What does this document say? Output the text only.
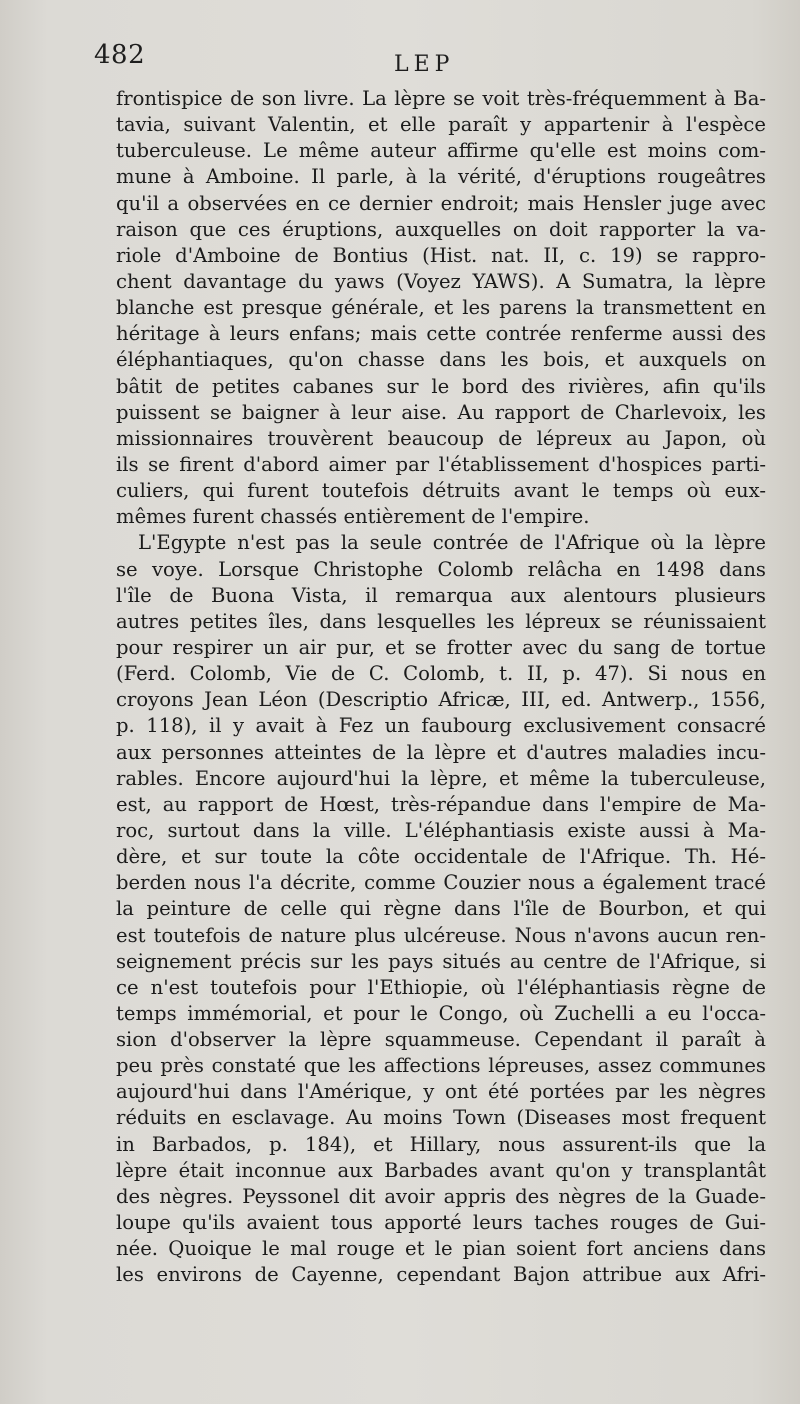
482	LEP
frontispice de son livre. La lèpre se voit très-fréquemment à Ba-
tavia, suivant Valentin, et elle paraît y appartenir à l'espèce
tuberculeuse. Le même auteur affirme qu'elle est moins com-
mune à Amboine. Il parle, à la vérité, d'éruptions rougeâtres
qu'il a observées en ce dernier endroit; mais Hensler juge avec
raison que ces éruptions, auxquelles on doit rapporter la va-
riole d'Amboine de Bontius (Hist. nat. II, c. 19) se rappro-
chent davantage du yaws (Voyez YAWS). A Sumatra, la lèpre
blanche est presque générale, et les parens la transmettent en
héritage à leurs enfans; mais cette contrée renferme aussi des
éléphantiaques, qu'on chasse dans les bois, et auxquels on
bâtit de petites cabanes sur le bord des rivières, afin qu'ils
puissent se baigner à leur aise. Au rapport de Charlevoix, les
missionnaires trouvèrent beaucoup de lépreux au Japon, où
ils se firent d'abord aimer par l'établissement d'hospices parti-
culiers, qui furent toutefois détruits avant le temps où eux-
mêmes furent chassés entièrement de l'empire.
L'Egypte n'est pas la seule contrée de l'Afrique où la lèpre
se voye. Lorsque Christophe Colomb relâcha en 1498 dans
l'île de Buona Vista, il remarqua aux alentours plusieurs
autres petites îles, dans lesquelles les lépreux se réunissaient
pour respirer un air pur, et se frotter avec du sang de tortue
(Ferd. Colomb, Vie de C. Colomb, t. II, p. 47). Si nous en
croyons Jean Léon (Descriptio Africæ, III, ed. Antwerp., 1556,
p. 118), il y avait à Fez un faubourg exclusivement consacré
aux personnes atteintes de la lèpre et d'autres maladies incu-
rables. Encore aujourd'hui la lèpre, et même la tuberculeuse,
est, au rapport de Hœst, très-répandue dans l'empire de Ma-
roc, surtout dans la ville. L'éléphantiasis existe aussi à Ma-
dère, et sur toute la côte occidentale de l'Afrique. Th. Hé-
berden nous l'a décrite, comme Couzier nous a également tracé
la peinture de celle qui règne dans l'île de Bourbon, et qui
est toutefois de nature plus ulcéreuse. Nous n'avons aucun ren-
seignement précis sur les pays situés au centre de l'Afrique, si
ce n'est toutefois pour l'Ethiopie, où l'éléphantiasis règne de
temps immémorial, et pour le Congo, où Zuchelli a eu l'occa-
sion d'observer la lèpre squammeuse. Cependant il paraît à
peu près constaté que les affections lépreuses, assez communes
aujourd'hui dans l'Amérique, y ont été portées par les nègres
réduits en esclavage. Au moins Town (Diseases most frequent
in Barbados, p. 184), et Hillary, nous assurent-ils que la
lèpre était inconnue aux Barbades avant qu'on y transplantât
des nègres. Peyssonel dit avoir appris des nègres de la Guade-
loupe qu'ils avaient tous apporté leurs taches rouges de Gui-
née. Quoique le mal rouge et le pian soient fort anciens dans
les environs de Cayenne, cependant Bajon attribue aux Afri-
